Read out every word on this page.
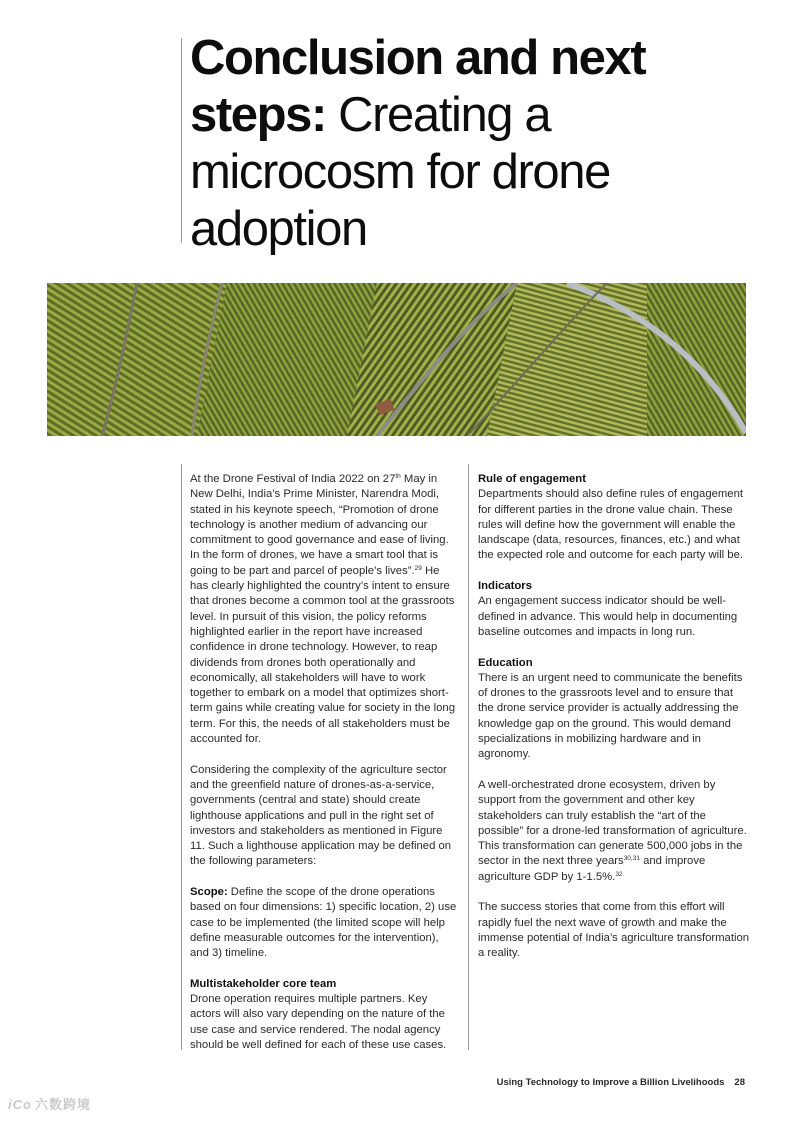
Conclusion and next steps: Creating a microcosm for drone adoption

At the Drone Festival of India 2022 on 27th May in New Delhi, India’s Prime Minister, Narendra Modi, stated in his keynote speech, “Promotion of drone technology is another medium of advancing our commitment to good governance and ease of living. In the form of drones, we have a smart tool that is going to be part and parcel of people’s lives”.$^{29}$ He has clearly highlighted the country’s intent to ensure that drones become a common tool at the grassroots level. In pursuit of this vision, the policy reforms highlighted earlier in the report have increased confidence in drone technology. However, to reap dividends from drones both operationally and economically, all stakeholders will have to work together to embark on a model that optimizes short-term gains while creating value for society in the long term. For this, the needs of all stakeholders must be accounted for.

Considering the complexity of the agriculture sector and the greenfield nature of drones-as-a-service, governments (central and state) should create lighthouse applications and pull in the right set of investors and stakeholders as mentioned in Figure 11. Such a lighthouse application may be defined on the following parameters:

Scope: Define the scope of the drone operations based on four dimensions: 1) specific location, 2) use case to be implemented (the limited scope will help define measurable outcomes for the intervention), and 3) timeline.

Multistakeholder core team
Drone operation requires multiple partners. Key actors will also vary depending on the nature of the use case and service rendered. The nodal agency should be well defined for each of these use cases.
Rule of engagement
Departments should also define rules of engagement for different parties in the drone value chain. These rules will define how the government will enable the landscape (data, resources, finances, etc.) and what the expected role and outcome for each party will be.
Indicators
An engagement success indicator should be well-defined in advance. This would help in documenting baseline outcomes and impacts in long run.
Education
There is an urgent need to communicate the benefits of drones to the grassroots level and to ensure that the drone service provider is actually addressing the knowledge gap on the ground. This would demand specializations in mobilizing hardware and in agronomy.

A well-orchestrated drone ecosystem, driven by support from the government and other key stakeholders can truly establish the “art of the possible” for a drone-led transformation of agriculture. This transformation can generate 500,000 jobs in the sector in the next three years$^{30,31}$ and improve agriculture GDP by 1-1.5%.$^{32}$

The success stories that come from this effort will rapidly fuel the next wave of growth and make the immense potential of India’s agriculture transformation a reality.

Using Technology to Improve a Billion Livelihoods 28
iCo 六数跨境
